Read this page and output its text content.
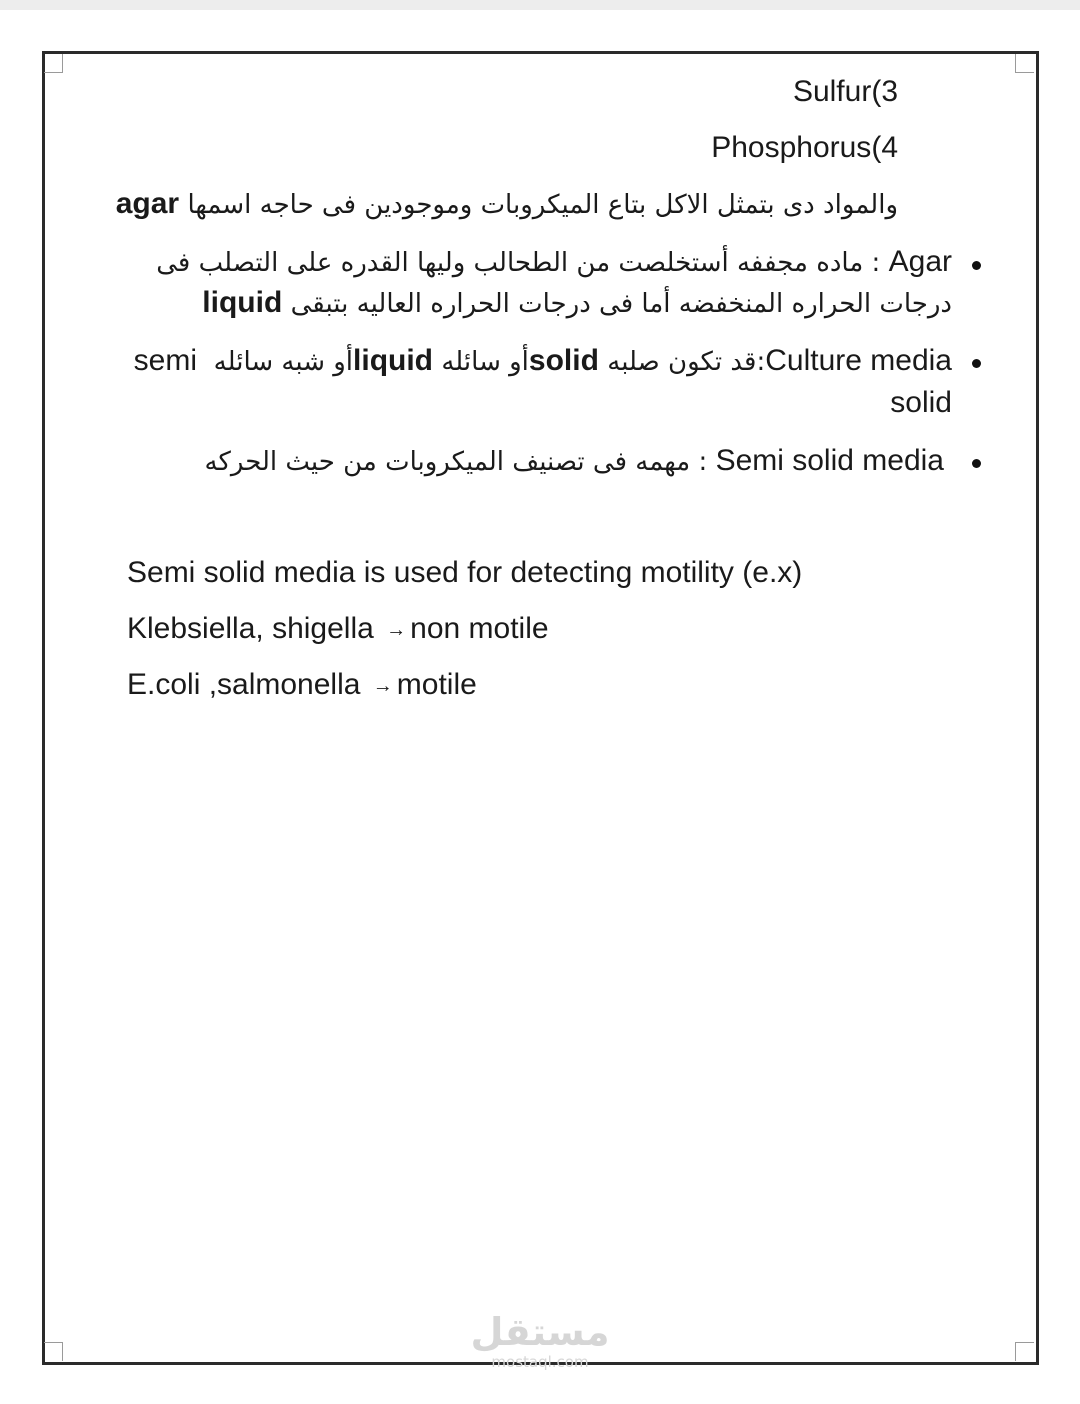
Sulfur(3
Phosphorus(4
والمواد دى بتمثل الاكل بتاع الميكروبات وموجودين فى حاجه اسمها agar
Agar : ماده مجففه أستخلصت من الطحالب وليها القدره على التصلب فى
درجات الحراره المنخفضه أما فى درجات الحراره العاليه بتبقى liquid
Culture media:قد تكون صلبه solidأو سائله liquidأو شبه سائله  semi
solid
Semi solid media : مهمه فى تصنيف الميكروبات من حيث الحركه
Semi solid media is used for detecting motility (e.x)
Klebsiella, shigella → non motile
E.coli ,salmonella → motile
مستقل
mostaql.com
